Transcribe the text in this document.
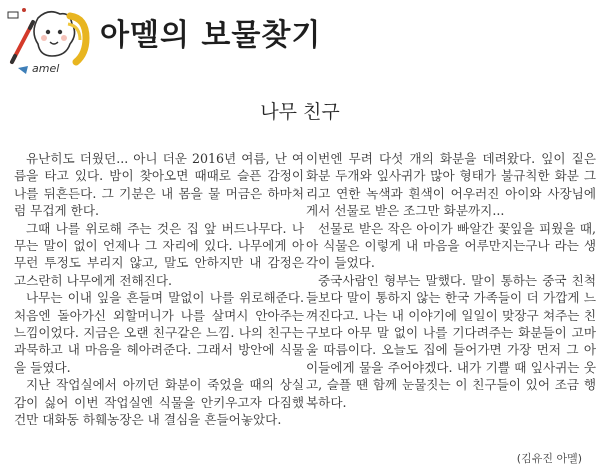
amel
아멜의 보물찾기
나무 친구

유난히도 더웠던... 아니 더운 2016년 여름, 난 여름을 타고 있다. 밤이 찾아오면 때때로 슬픈 감정이 나를 뒤흔든다. 그 기분은 내 몸을 물 머금은 하마처럼 무겁게 한다.

그때 나를 위로해 주는 것은 집 앞 버드나무다. 나무는 말이 없이 언제나 그 자리에 있다. 나무에게 아무런 투정도 부리지 않고, 말도 안하지만 내 감정은 고스란히 나무에게 전해진다.

나무는 이내 잎을 흔들며 말없이 나를 위로해준다. 처음엔 돌아가신 외할머니가 나를 살며시 안아주는 느낌이었다. 지금은 오랜 친구같은 느낌. 나의 친구는 과묵하고 내 마음을 헤아려준다. 그래서 방안에 식물을 들였다.

지난 작업실에서 아끼던 화분이 죽었을 때의 상실감이 싫어 이번 작업실엔 식물을 안키우고자 다짐했건만 대화동 하훼농장은 내 결심을 흔들어놓았다.

이번엔 무려 다섯 개의 화분을 데려왔다. 잎이 짙은 화분 두개와 잎사귀가 많아 형태가 불규칙한 화분 그리고 연한 녹색과 흰색이 어우러진 아이와 사장님에게서 선물로 받은 조그만 화분까지...

선물로 받은 작은 아이가 빠알간 꽃잎을 피웠을 때, 아 식물은 이렇게 내 마음을 어루만지는구나 라는 생각이 들었다.

중국사람인 형부는 말했다. 말이 통하는 중국 친척들보다 말이 통하지 않는 한국 가족들이 더 가깝게 느껴진다고. 나는 내 이야기에 일일이 맞장구 쳐주는 친구보다 아무 말 없이 나를 기다려주는 화분들이 고마울 따름이다. 오늘도 집에 들어가면 가장 먼저 그 아이들에게 물을 주어야겠다. 내가 기쁠 때 잎사귀는 웃고, 슬플 땐 함께 눈물짓는 이 친구들이 있어 조금 행복하다.

(김유진 아멜)
